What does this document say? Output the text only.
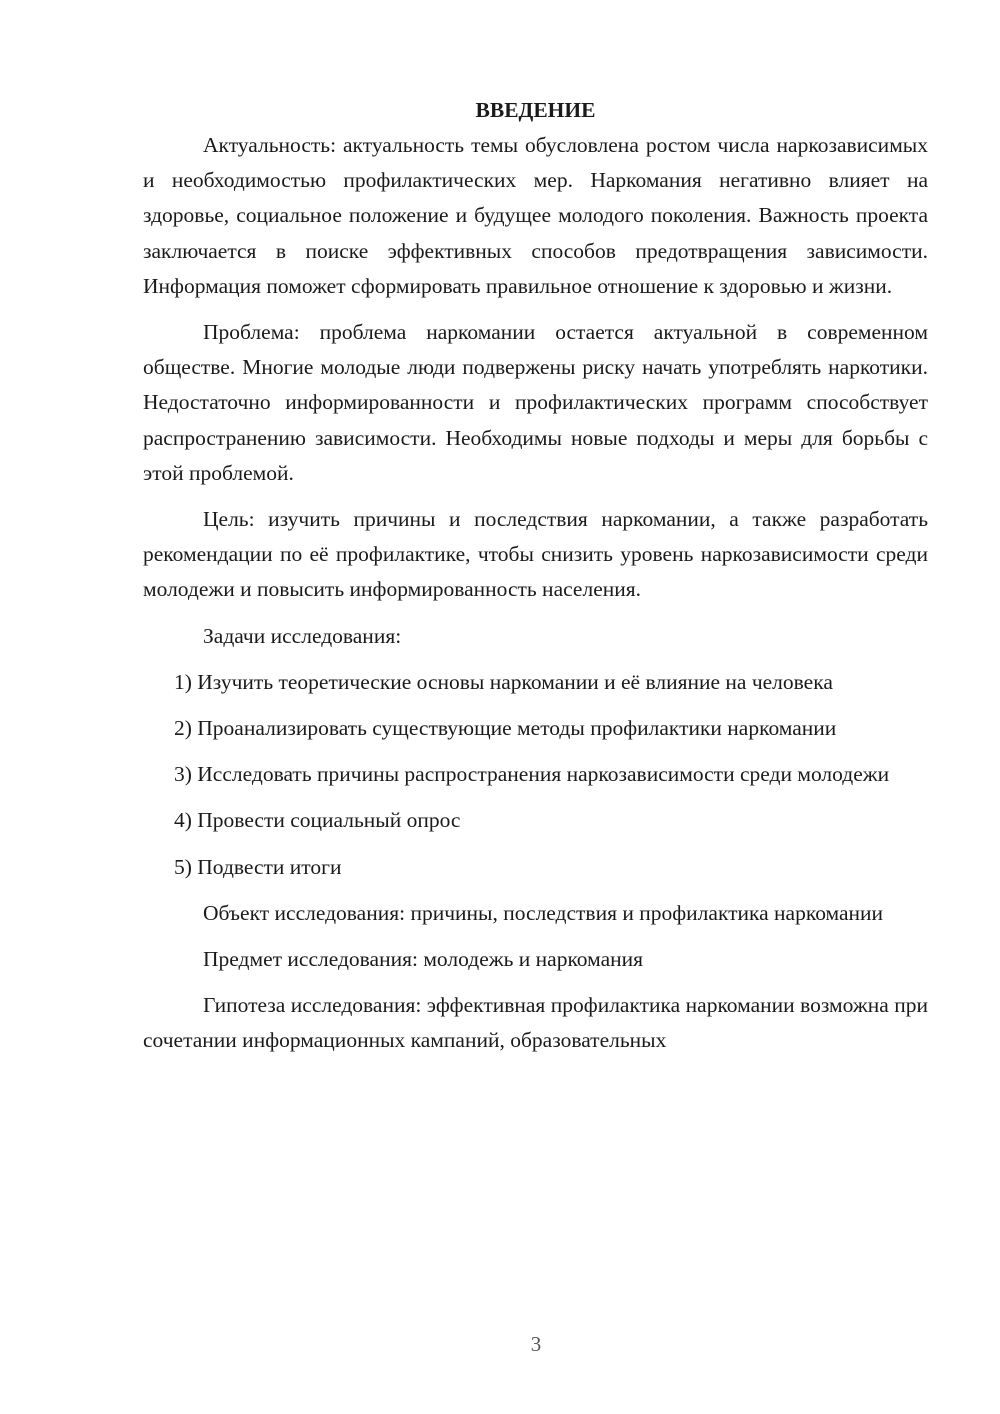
ВВЕДЕНИЕ

Актуальность: актуальность темы обусловлена ростом числа наркозависимых и необходимостью профилактических мер. Наркомания негативно влияет на здоровье, социальное положение и будущее молодого поколения. Важность проекта заключается в поиске эффективных способов предотвращения зависимости. Информация поможет сформировать правильное отношение к здоровью и жизни.

Проблема: проблема наркомании остается актуальной в современном обществе. Многие молодые люди подвержены риску начать употреблять наркотики. Недостаточно информированности и профилактических программ способствует распространению зависимости. Необходимы новые подходы и меры для борьбы с этой проблемой.

Цель: изучить причины и последствия наркомании, а также разработать рекомендации по её профилактике, чтобы снизить уровень наркозависимости среди молодежи и повысить информированность населения.

Задачи исследования:

1) Изучить теоретические основы наркомании и её влияние на человека

2) Проанализировать существующие методы профилактики наркомании

3) Исследовать причины распространения наркозависимости среди молодежи

4) Провести социальный опрос

5) Подвести итоги

Объект исследования: причины, последствия и профилактика наркомании

Предмет исследования: молодежь и наркомания

Гипотеза исследования: эффективная профилактика наркомании возможна при сочетании информационных кампаний, образовательных

3
